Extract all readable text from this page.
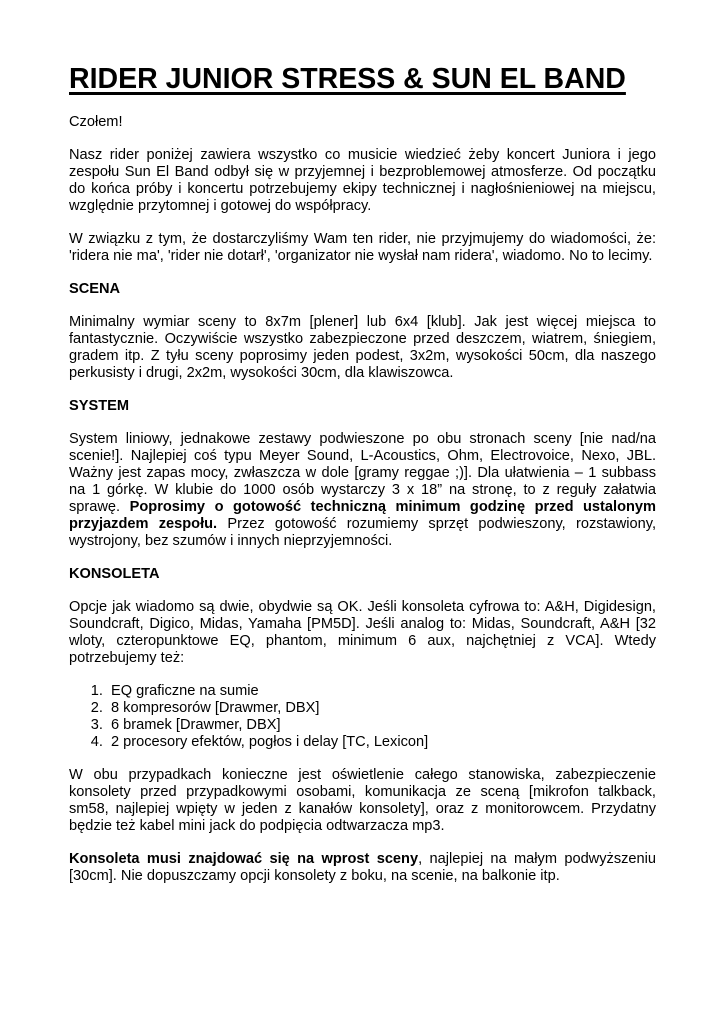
RIDER JUNIOR STRESS & SUN EL BAND

Czołem!

Nasz rider poniżej zawiera wszystko co musicie wiedzieć żeby koncert Juniora i jego zespołu Sun El Band odbył się w przyjemnej i bezproblemowej atmosferze. Od początku do końca próby i koncertu potrzebujemy ekipy technicznej i nagłośnieniowej na miejscu, względnie przytomnej i gotowej do współpracy.

W związku z tym, że dostarczyliśmy Wam ten rider, nie przyjmujemy do wiadomości, że: 'ridera nie ma', 'rider nie dotarł', 'organizator nie wysłał nam ridera', wiadomo. No to lecimy.

SCENA

Minimalny wymiar sceny to 8x7m [plener] lub 6x4 [klub]. Jak jest więcej miejsca to fantastycznie. Oczywiście wszystko zabezpieczone przed deszczem, wiatrem, śniegiem, gradem itp. Z tyłu sceny poprosimy jeden podest, 3x2m, wysokości 50cm, dla naszego perkusisty i drugi, 2x2m, wysokości 30cm, dla klawiszowca.

SYSTEM

System liniowy, jednakowe zestawy podwieszone po obu stronach sceny [nie nad/na scenie!]. Najlepiej coś typu Meyer Sound, L-Acoustics, Ohm, Electrovoice, Nexo, JBL. Ważny jest zapas mocy, zwłaszcza w dole [gramy reggae ;)]. Dla ułatwienia – 1 subbass na 1 górkę. W klubie do 1000 osób wystarczy 3 x 18” na stronę, to z reguły załatwia sprawę. Poprosimy o gotowość techniczną minimum godzinę przed ustalonym przyjazdem zespołu. Przez gotowość rozumiemy sprzęt podwieszony, rozstawiony, wystrojony, bez szumów i innych nieprzyjemności.

KONSOLETA

Opcje jak wiadomo są dwie, obydwie są OK. Jeśli konsoleta cyfrowa to: A&H, Digidesign, Soundcraft, Digico, Midas, Yamaha [PM5D]. Jeśli analog to: Midas, Soundcraft, A&H [32 wloty, czteropunktowe EQ, phantom, minimum 6 aux, najchętniej z VCA]. Wtedy potrzebujemy też:

1. EQ graficzne na sumie
2. 8 kompresorów [Drawmer, DBX]
3. 6 bramek [Drawmer, DBX]
4. 2 procesory efektów, pogłos i delay [TC, Lexicon]

W obu przypadkach konieczne jest oświetlenie całego stanowiska, zabezpieczenie konsolety przed przypadkowymi osobami, komunikacja ze sceną [mikrofon talkback, sm58, najlepiej wpięty w jeden z kanałów konsolety], oraz z monitorowcem. Przydatny będzie też kabel mini jack do podpięcia odtwarzacza mp3.

Konsoleta musi znajdować się na wprost sceny, najlepiej na małym podwyższeniu [30cm]. Nie dopuszczamy opcji konsolety z boku, na scenie, na balkonie itp.
